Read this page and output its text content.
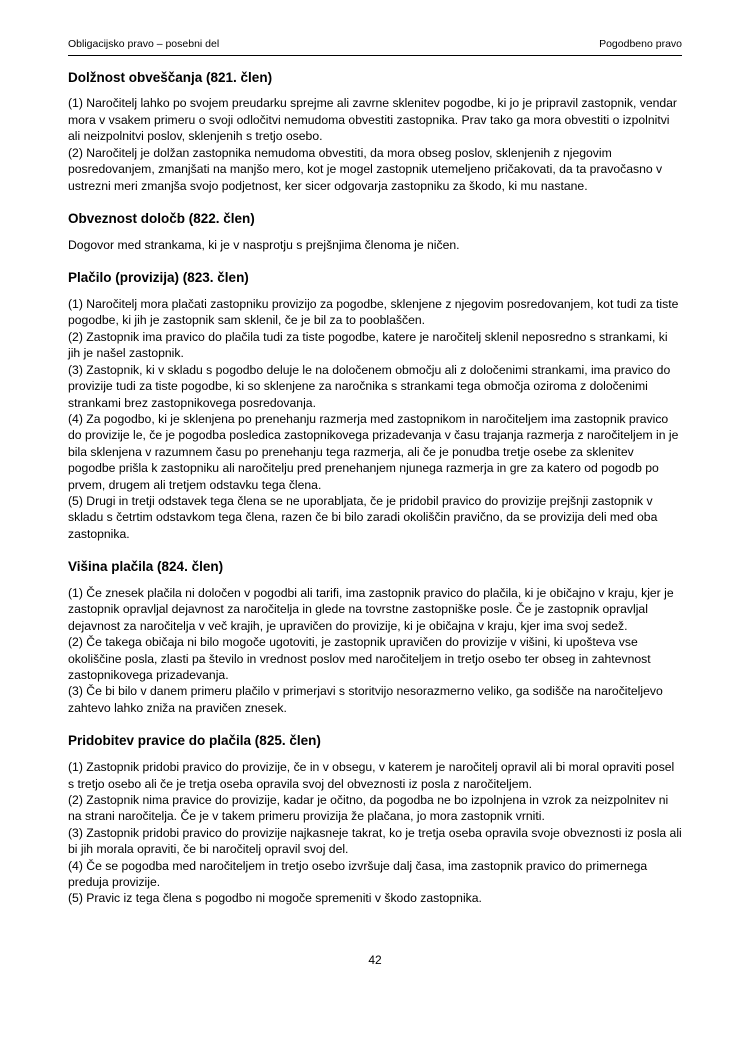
Obligacijsko pravo – posebni del	Pogodbeno pravo
Dolžnost obveščanja (821. člen)

(1) Naročitelj lahko po svojem preudarku sprejme ali zavrne sklenitev pogodbe, ki jo je pripravil zastopnik, vendar mora v vsakem primeru o svoji odločitvi nemudoma obvestiti zastopnika. Prav tako ga mora obvestiti o izpolnitvi ali neizpolnitvi poslov, sklenjenih s tretjo osebo.

(2) Naročitelj je dolžan zastopnika nemudoma obvestiti, da mora obseg poslov, sklenjenih z njegovim posredovanjem, zmanjšati na manjšo mero, kot je mogel zastopnik utemeljeno pričakovati, da ta pravočasno v ustrezni meri zmanjša svojo podjetnost, ker sicer odgovarja zastopniku za škodo, ki mu nastane.

Obveznost določb (822. člen)

Dogovor med strankama, ki je v nasprotju s prejšnjima členoma je ničen.

Plačilo (provizija) (823. člen)

(1) Naročitelj mora plačati zastopniku provizijo za pogodbe, sklenjene z njegovim posredovanjem, kot tudi za tiste pogodbe, ki jih je zastopnik sam sklenil, če je bil za to pooblaščen.

(2) Zastopnik ima pravico do plačila tudi za tiste pogodbe, katere je naročitelj sklenil neposredno s strankami, ki jih je našel zastopnik.

(3) Zastopnik, ki v skladu s pogodbo deluje le na določenem območju ali z določenimi strankami, ima pravico do provizije tudi za tiste pogodbe, ki so sklenjene za naročnika s strankami tega območja oziroma z določenimi strankami brez zastopnikovega posredovanja.

(4) Za pogodbo, ki je sklenjena po prenehanju razmerja med zastopnikom in naročiteljem ima zastopnik pravico do provizije le, če je pogodba posledica zastopnikovega prizadevanja v času trajanja razmerja z naročiteljem in je bila sklenjena v razumnem času po prenehanju tega razmerja, ali če je ponudba tretje osebe za sklenitev pogodbe prišla k zastopniku ali naročitelju pred prenehanjem njunega razmerja in gre za katero od pogodb po prvem, drugem ali tretjem odstavku tega člena.

(5) Drugi in tretji odstavek tega člena se ne uporabljata, če je pridobil pravico do provizije prejšnji zastopnik v skladu s četrtim odstavkom tega člena, razen če bi bilo zaradi okoliščin pravično, da se provizija deli med oba zastopnika.

Višina plačila (824. člen)

(1) Če znesek plačila ni določen v pogodbi ali tarifi, ima zastopnik pravico do plačila, ki je običajno v kraju, kjer je zastopnik opravljal dejavnost za naročitelja in glede na tovrstne zastopniške posle. Če je zastopnik opravljal dejavnost za naročitelja v več krajih, je upravičen do provizije, ki je običajna v kraju, kjer ima svoj sedež.

(2) Če takega običaja ni bilo mogoče ugotoviti, je zastopnik upravičen do provizije v višini, ki upošteva vse okoliščine posla, zlasti pa število in vrednost poslov med naročiteljem in tretjo osebo ter obseg in zahtevnost zastopnikovega prizadevanja.

(3) Če bi bilo v danem primeru plačilo v primerjavi s storitvijo nesorazmerno veliko, ga sodišče na naročiteljevo zahtevo lahko zniža na pravičen znesek.

Pridobitev pravice do plačila (825. člen)

(1) Zastopnik pridobi pravico do provizije, če in v obsegu, v katerem je naročitelj opravil ali bi moral opraviti posel s tretjo osebo ali če je tretja oseba opravila svoj del obveznosti iz posla z naročiteljem.

(2) Zastopnik nima pravice do provizije, kadar je očitno, da pogodba ne bo izpolnjena in vzrok za neizpolnitev ni na strani naročitelja. Če je v takem primeru provizija že plačana, jo mora zastopnik vrniti.

(3) Zastopnik pridobi pravico do provizije najkasneje takrat, ko je tretja oseba opravila svoje obveznosti iz posla ali bi jih morala opraviti, če bi naročitelj opravil svoj del.

(4) Če se pogodba med naročiteljem in tretjo osebo izvršuje dalj časa, ima zastopnik pravico do primernega preduja provizije.

(5) Pravic iz tega člena s pogodbo ni mogoče spremeniti v škodo zastopnika.

42
